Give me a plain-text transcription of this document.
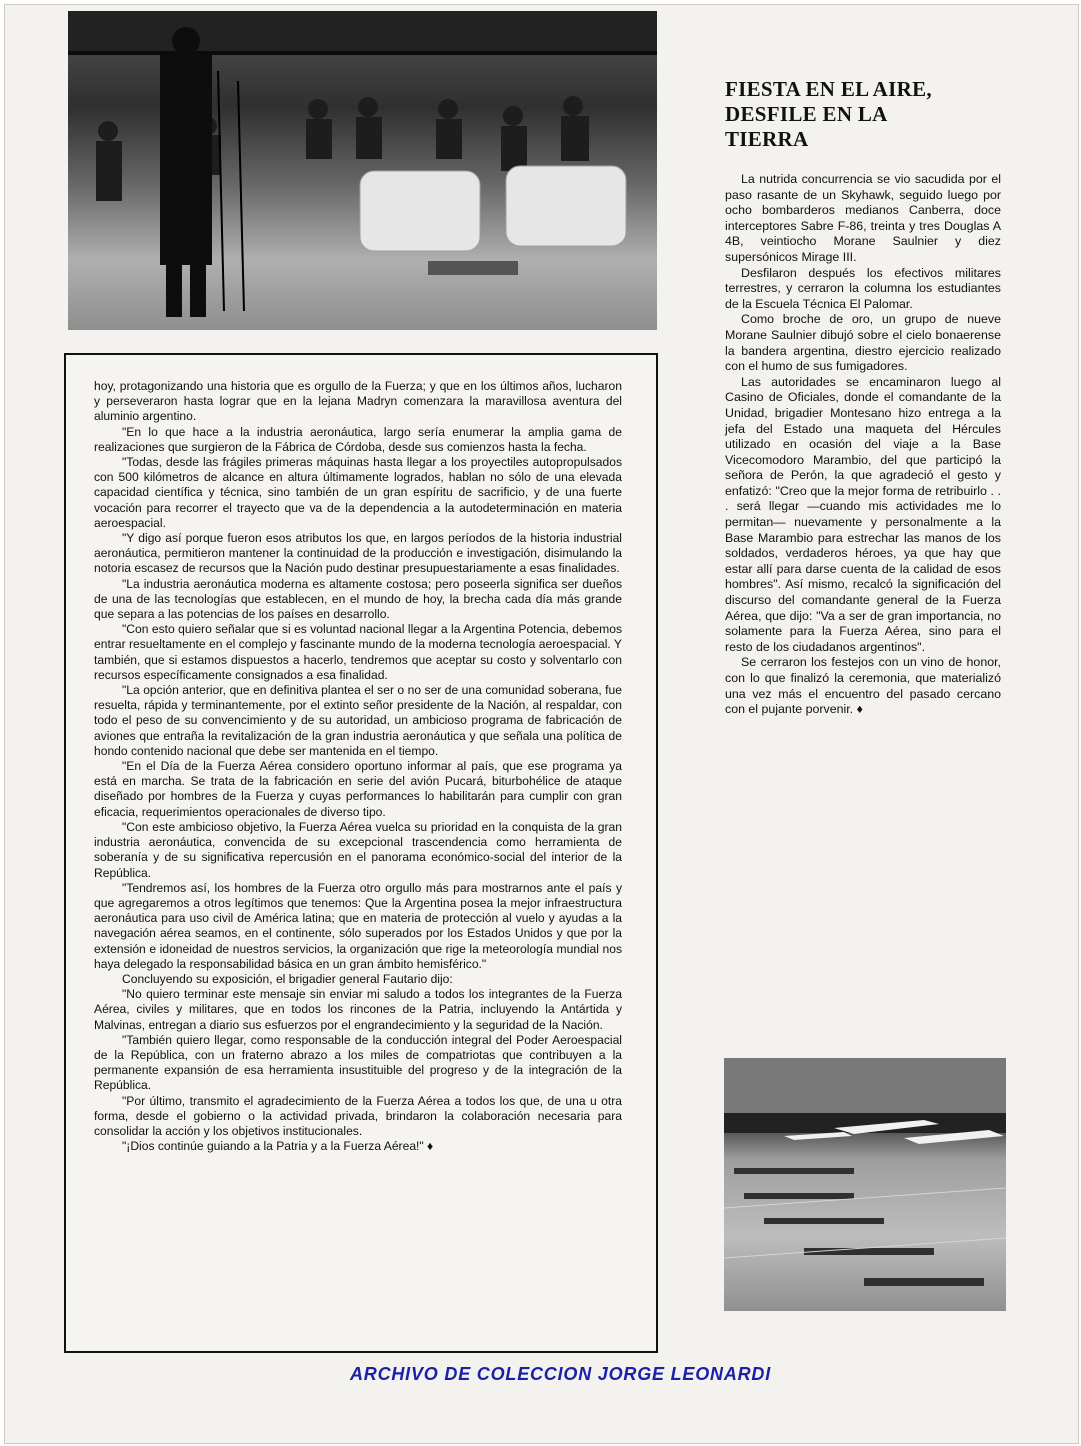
FIESTA EN EL AIRE,
DESFILE EN LA
TIERRA

La nutrida concurrencia se vio sacudida por el paso rasante de un Skyhawk, seguido luego por ocho bombarderos medianos Canberra, doce interceptores Sabre F-86, treinta y tres Douglas A 4B, veintiocho Morane Saulnier y diez supersónicos Mirage III.

Desfilaron después los efectivos militares terrestres, y cerraron la columna los estudiantes de la Escuela Técnica El Palomar.

Como broche de oro, un grupo de nueve Morane Saulnier dibujó sobre el cielo bonaerense la bandera argentina, diestro ejercicio realizado con el humo de sus fumigadores.

Las autoridades se encaminaron luego al Casino de Oficiales, donde el comandante de la Unidad, brigadier Montesano hizo entrega a la jefa del Estado una maqueta del Hércules utilizado en ocasión del viaje a la Base Vicecomodoro Marambio, del que participó la señora de Perón, la que agradeció el gesto y enfatizó: "Creo que la mejor forma de retribuirlo . . . será llegar —cuando mis actividades me lo permitan— nuevamente y personalmente a la Base Marambio para estrechar las manos de los soldados, verdaderos héroes, ya que hay que estar allí para darse cuenta de la calidad de esos hombres". Así mismo, recalcó la significación del discurso del comandante general de la Fuerza Aérea, que dijo: "Va a ser de gran importancia, no solamente para la Fuerza Aérea, sino para el resto de los ciudadanos argentinos".

Se cerraron los festejos con un vino de honor, con lo que finalizó la ceremonia, que materializó una vez más el encuentro del pasado cercano con el pujante porvenir. ♦

hoy, protagonizando una historia que es orgullo de la Fuerza; y que en los últimos años, lucharon y perseveraron hasta lograr que en la lejana Madryn comenzara la maravillosa aventura del aluminio argentino.

"En lo que hace a la industria aeronáutica, largo sería enumerar la amplia gama de realizaciones que surgieron de la Fábrica de Córdoba, desde sus comienzos hasta la fecha.

"Todas, desde las frágiles primeras máquinas hasta llegar a los proyectiles autopropulsados con 500 kilómetros de alcance en altura últimamente logrados, hablan no sólo de una elevada capacidad científica y técnica, sino también de un gran espíritu de sacrificio, y de una fuerte vocación para recorrer el trayecto que va de la dependencia a la autodeterminación en materia aeroespacial.

"Y digo así porque fueron esos atributos los que, en largos períodos de la historia industrial aeronáutica, permitieron mantener la continuidad de la producción e investigación, disimulando la notoria escasez de recursos que la Nación pudo destinar presupuestariamente a esas finalidades.

"La industria aeronáutica moderna es altamente costosa; pero poseerla significa ser dueños de una de las tecnologías que establecen, en el mundo de hoy, la brecha cada día más grande que separa a las potencias de los países en desarrollo.

"Con esto quiero señalar que si es voluntad nacional llegar a la Argentina Potencia, debemos entrar resueltamente en el complejo y fascinante mundo de la moderna tecnología aeroespacial. Y también, que si estamos dispuestos a hacerlo, tendremos que aceptar su costo y solventarlo con recursos específicamente consignados a esa finalidad.

"La opción anterior, que en definitiva plantea el ser o no ser de una comunidad soberana, fue resuelta, rápida y terminantemente, por el extinto señor presidente de la Nación, al respaldar, con todo el peso de su convencimiento y de su autoridad, un ambicioso programa de fabricación de aviones que entraña la revitalización de la gran industria aeronáutica y que señala una política de hondo contenido nacional que debe ser mantenida en el tiempo.

"En el Día de la Fuerza Aérea considero oportuno informar al país, que ese programa ya está en marcha. Se trata de la fabricación en serie del avión Pucará, biturbohélice de ataque diseñado por hombres de la Fuerza y cuyas performances lo habilitarán para cumplir con gran eficacia, requerimientos operacionales de diverso tipo.

"Con este ambicioso objetivo, la Fuerza Aérea vuelca su prioridad en la conquista de la gran industria aeronáutica, convencida de su excepcional trascendencia como herramienta de soberanía y de su significativa repercusión en el panorama económico-social del interior de la República.

"Tendremos así, los hombres de la Fuerza otro orgullo más para mostrarnos ante el país y que agregaremos a otros legítimos que tenemos: Que la Argentina posea la mejor infraestructura aeronáutica para uso civil de América latina; que en materia de protección al vuelo y ayudas a la navegación aérea seamos, en el continente, sólo superados por los Estados Unidos y que por la extensión e idoneidad de nuestros servicios, la organización que rige la meteorología mundial nos haya delegado la responsabilidad básica en un gran ámbito hemisférico."

Concluyendo su exposición, el brigadier general Fautario dijo:

"No quiero terminar este mensaje sin enviar mi saludo a todos los integrantes de la Fuerza Aérea, civiles y militares, que en todos los rincones de la Patria, incluyendo la Antártida y Malvinas, entregan a diario sus esfuerzos por el engrandecimiento y la seguridad de la Nación.

"También quiero llegar, como responsable de la conducción integral del Poder Aeroespacial de la República, con un fraterno abrazo a los miles de compatriotas que contribuyen a la permanente expansión de esa herramienta insustituible del progreso y de la integración de la República.

"Por último, transmito el agradecimiento de la Fuerza Aérea a todos los que, de una u otra forma, desde el gobierno o la actividad privada, brindaron la colaboración necesaria para consolidar la acción y los objetivos institucionales.

"¡Dios continúe guiando a la Patria y a la Fuerza Aérea!" ♦

ARCHIVO DE COLECCION JORGE LEONARDI
